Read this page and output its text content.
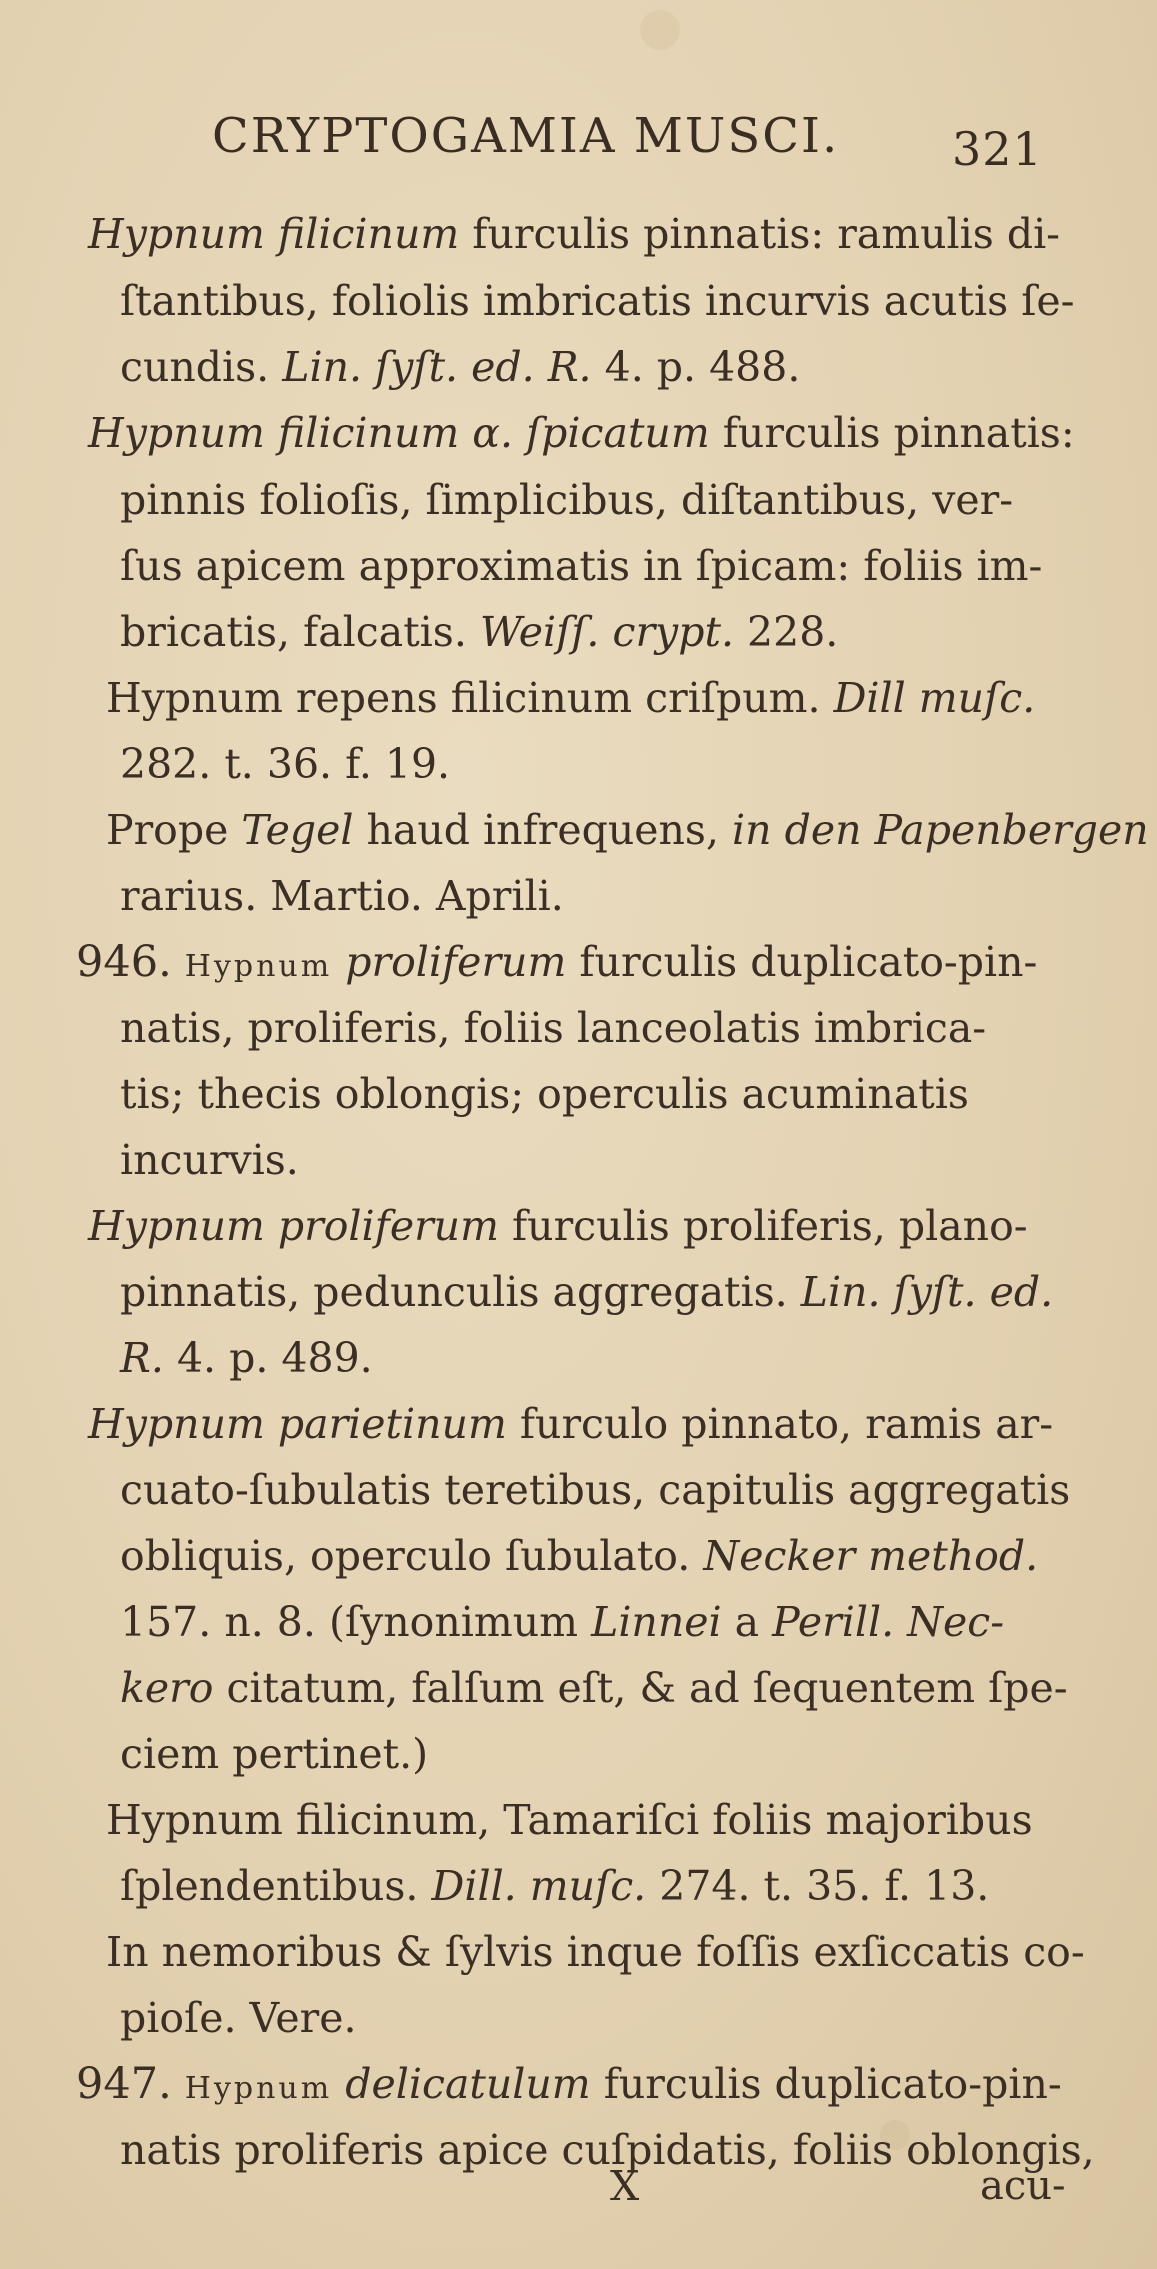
CRYPTOGAMIA MUSCI. 321
Hypnum filicinum furculis pinnatis: ramulis di-
ſtantibus, foliolis imbricatis incurvis acutis ſe-
cundis. Lin. ſyſt. ed. R. 4. p. 488.
Hypnum filicinum α. ſpicatum furculis pinnatis:
pinnis folioſis, ſimplicibus, diſtantibus, ver-
ſus apicem approximatis in ſpicam: foliis im-
bricatis, falcatis. Weiſſ. crypt. 228.
Hypnum repens filicinum criſpum. Dill muſc.
282. t. 36. f. 19.
Prope Tegel haud infrequens, in den Papenbergen
rarius. Martio. Aprili.
946. Hypnum proliferum furculis duplicato-pin-
natis, proliferis, foliis lanceolatis imbrica-
tis; thecis oblongis; operculis acuminatis
incurvis.
Hypnum proliferum furculis proliferis, plano-
pinnatis, pedunculis aggregatis. Lin. ſyſt. ed.
R. 4. p. 489.
Hypnum parietinum furculo pinnato, ramis ar-
cuato-ſubulatis teretibus, capitulis aggregatis
obliquis, operculo ſubulato. Necker method.
157. n. 8. (ſynonimum Linnei a Perill. Nec-
kero citatum, falſum eſt, & ad ſequentem ſpe-
ciem pertinet.)
Hypnum filicinum, Tamariſci foliis majoribus
ſplendentibus. Dill. muſc. 274. t. 35. f. 13.
In nemoribus & ſylvis inque foſſis exſiccatis co-
pioſe. Vere.
947. Hypnum delicatulum furculis duplicato-pin-
natis proliferis apice cuſpidatis, foliis oblongis,
X	acu-
